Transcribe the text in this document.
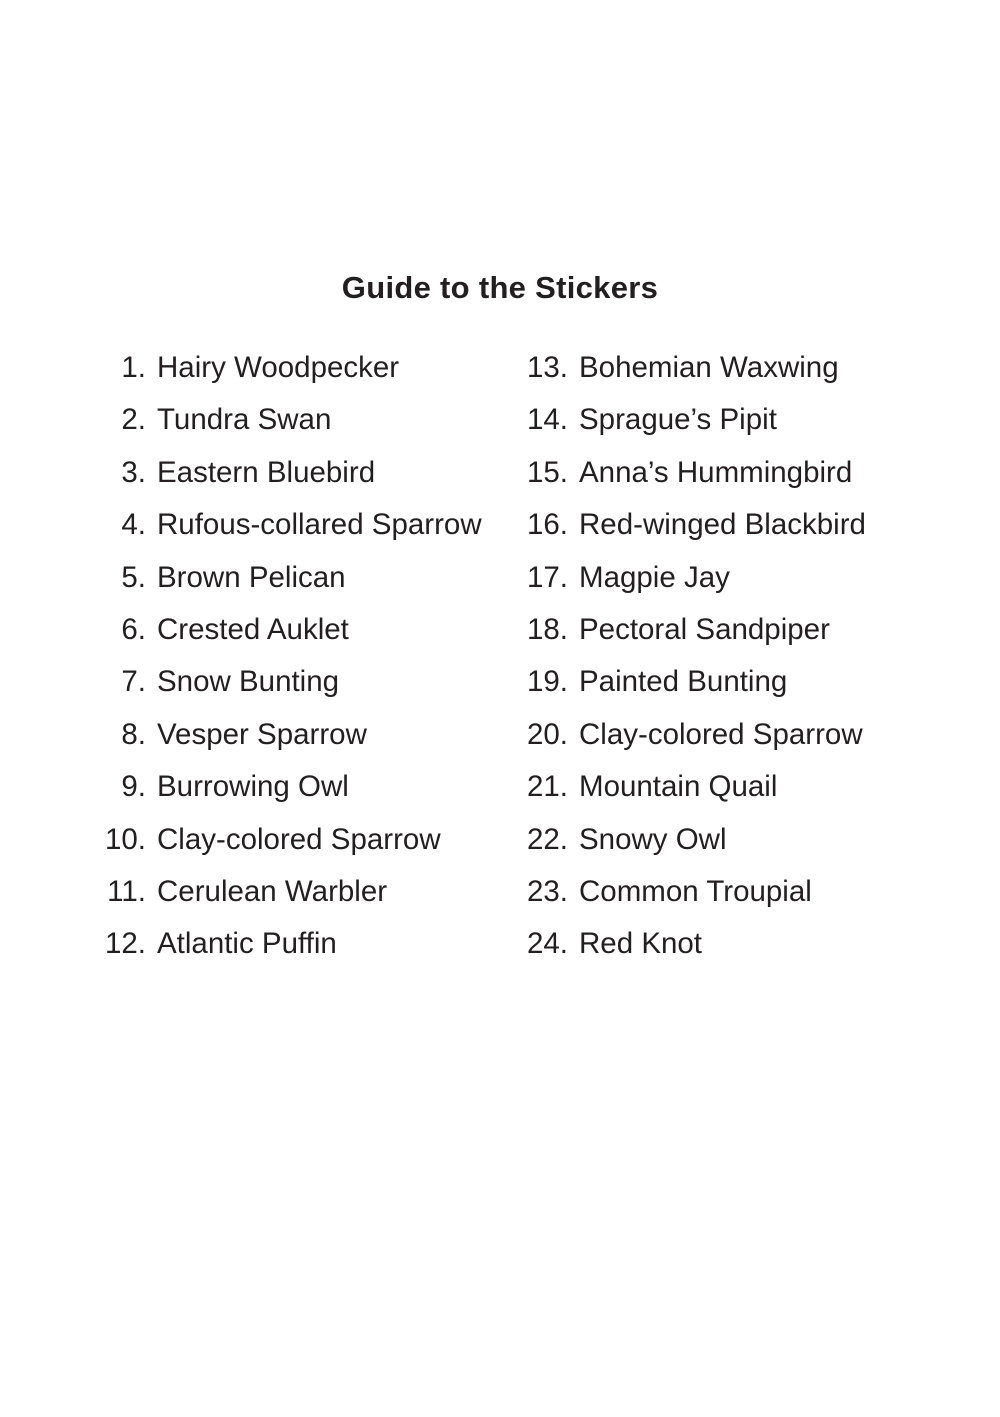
Guide to the Stickers
1. Hairy Woodpecker
2. Tundra Swan
3. Eastern Bluebird
4. Rufous-collared Sparrow
5. Brown Pelican
6. Crested Auklet
7. Snow Bunting
8. Vesper Sparrow
9. Burrowing Owl
10. Clay-colored Sparrow
11. Cerulean Warbler
12. Atlantic Puffin
13. Bohemian Waxwing
14. Sprague’s Pipit
15. Anna’s Hummingbird
16. Red-winged Blackbird
17. Magpie Jay
18. Pectoral Sandpiper
19. Painted Bunting
20. Clay-colored Sparrow
21. Mountain Quail
22. Snowy Owl
23. Common Troupial
24. Red Knot
